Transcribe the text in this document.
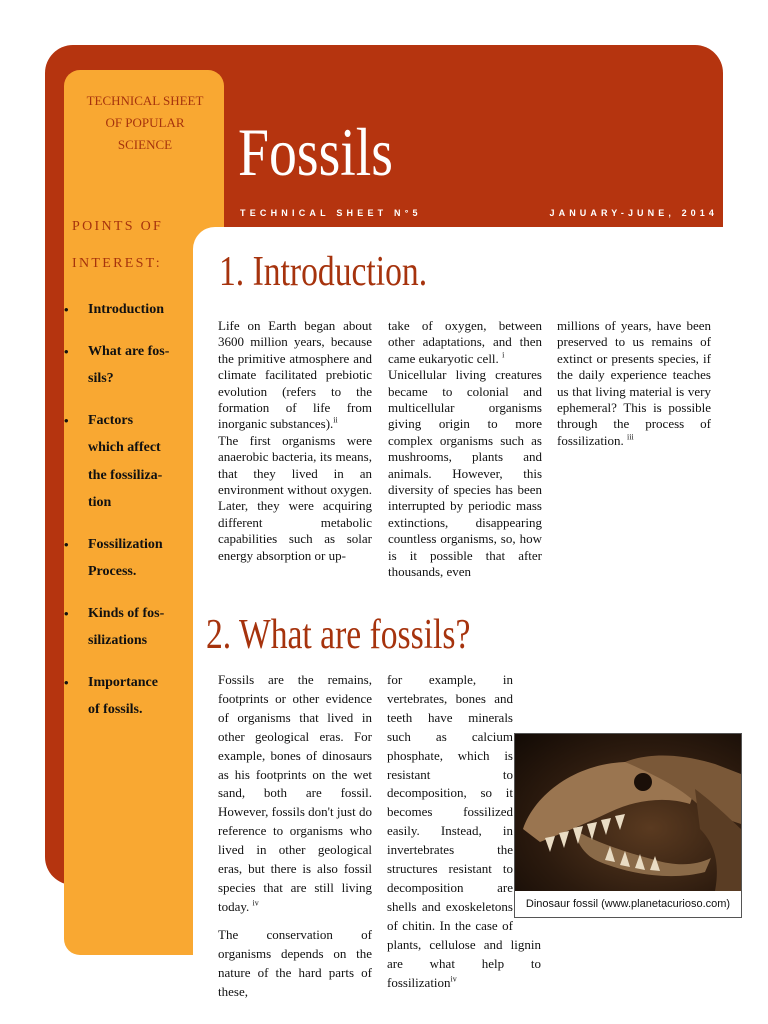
TECHNICAL SHEET
OF POPULAR
SCIENCE
POINTS OF
INTEREST:
• Introduction
• What are fos-
sils?
• Factors
which affect
the fossiliza-
tion
• Fossilization
Process.
• Kinds of fos-
silizations
• Importance
of fossils.
Fossils
TECHNICAL SHEET N°5	JANUARY-JUNE, 2014
1. Introduction.

Life on Earth began about 3600 million years, because the primitive atmosphere and climate facilitated prebiotic evolution (refers to the formation of life from inorganic substances).$^{ii}$

The first organisms were anaerobic bacteria, its means, that they lived in an environment without oxygen. Later, they were acquiring different metabolic capabilities such as solar energy absorption or up-

take of oxygen, between other adaptations, and then came eukaryotic cell. $^i$

Unicellular living creatures became to colonial and multicellular organisms giving origin to more complex organisms such as mushrooms, plants and animals. However, this diversity of species has been interrupted by periodic mass extinctions, disappearing countless organisms, so, how is it possible that after thousands, even

millions of years, have been preserved to us remains of extinct or presents species, if the daily experience teaches us that living material is very ephemeral? This is possible through the process of fossilization. $^{iii}$

2. What are fossils?

Fossils are the remains, footprints or other evidence of organisms that lived in other geological eras. For example, bones of dinosaurs as his footprints on the wet sand, both are fossil. However, fossils don't just do reference to organisms who lived in other geological eras, but there is also fossil species that are still living today. $^{iv}$

The conservation of organisms depends on the nature of the hard parts of these,

for example, in vertebrates, bones and teeth have minerals such as calcium phosphate, which is resistant to decomposition, so it becomes fossilized easily. Instead, in invertebrates the structures resistant to decomposition are shells and exoskeletons of chitin. In the case of plants, cellulose and lignin are what help to fossilization$^{iv}$

Dinosaur fossil (www.planetacurioso.com)
